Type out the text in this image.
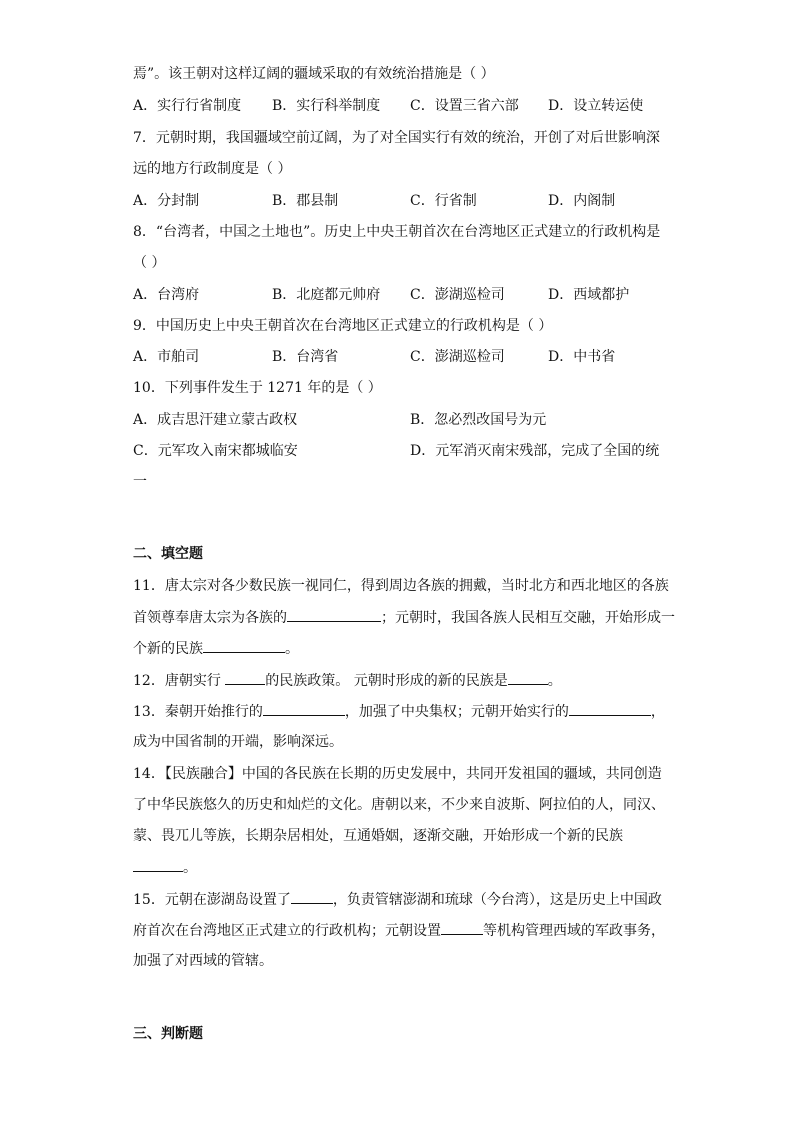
焉”。该王朝对这样辽阔的疆域采取的有效统治措施是（ ）
A．实行行省制度 B．实行科举制度 C．设置三省六部 D．设立转运使
7．元朝时期，我国疆域空前辽阔，为了对全国实行有效的统治，开创了对后世影响深
远的地方行政制度是（ ）
A．分封制	B．郡县制	C．行省制	D．内阁制
8．“台湾者，中国之土地也”。历史上中央王朝首次在台湾地区正式建立的行政机构是
（ ）
A．台湾府	B．北庭都元帅府 C．澎湖巡检司	D．西域都护
9．中国历史上中央王朝首次在台湾地区正式建立的行政机构是（ ）
A．市舶司	B．台湾省	C．澎湖巡检司	D．中书省
10．下列事件发生于 1271 年的是（ ）
A．成吉思汗建立蒙古政权	B．忽必烈改国号为元
C．元军攻入南宋都城临安	D．元军消灭南宋残部，完成了全国的统
一
二、填空题
11．唐太宗对各少数民族一视同仁，得到周边各族的拥戴，当时北方和西北地区的各族
首领尊奉唐太宗为各族的	；元朝时，我国各族人民相互交融，开始形成一
个新的民族	。
12．唐朝实行	的民族政策。 元朝时形成的新的民族是	。
13．秦朝开始推行的	，加强了中央集权；元朝开始实行的	，
成为中国省制的开端，影响深远。
14．【民族融合】中国的各民族在长期的历史发展中，共同开发祖国的疆域，共同创造
了中华民族悠久的历史和灿烂的文化。唐朝以来，不少来自波斯、阿拉伯的人，同汉、
蒙、畏兀儿等族，长期杂居相处，互通婚姻，逐渐交融，开始形成一个新的民族
。
15．元朝在澎湖岛设置了	，负责管辖澎湖和琉球（今台湾），这是历史上中国政
府首次在台湾地区正式建立的行政机构；元朝设置	等机构管理西域的军政事务，
加强了对西域的管辖。
三、判断题
